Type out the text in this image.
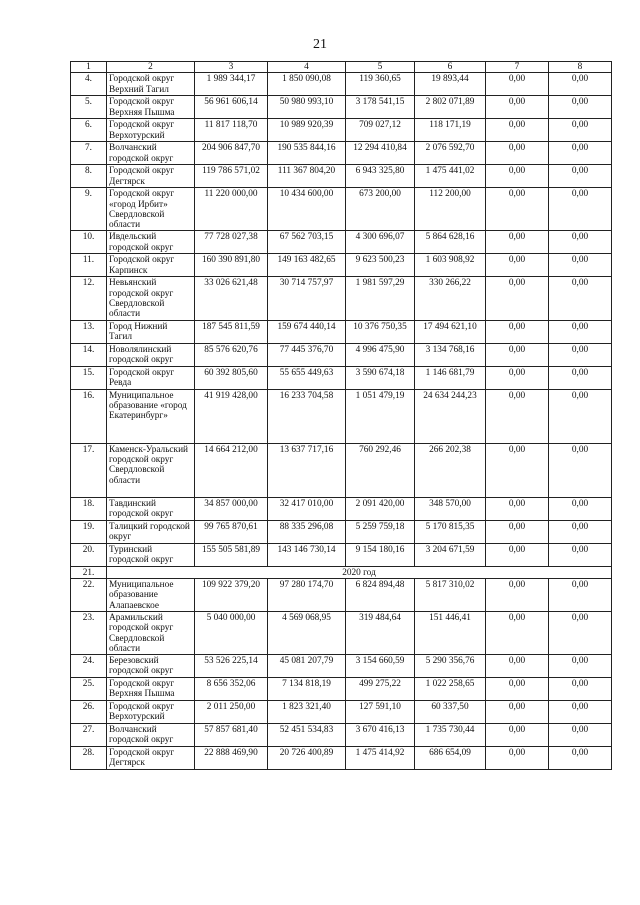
21
1	2	3	4	5	6	7	8
4.	Городской округ Верхний Тагил	1 989 344,17	1 850 090,08	119 360,65	19 893,44	0,00	0,00
5.	Городской округ Верхняя Пышма	56 961 606,14	50 980 993,10	3 178 541,15	2 802 071,89	0,00	0,00
6.	Городской округ Верхотурский	11 817 118,70	10 989 920,39	709 027,12	118 171,19	0,00	0,00
7.	Волчанский городской округ	204 906 847,70	190 535 844,16	12 294 410,84	2 076 592,70	0,00	0,00
8.	Городской округ Дегтярск	119 786 571,02	111 367 804,20	6 943 325,80	1 475 441,02	0,00	0,00
9.	Городской округ «город Ирбит» Свердловской области	11 220 000,00	10 434 600,00	673 200,00	112 200,00	0,00	0,00
10.	Ивдельский городской округ	77 728 027,38	67 562 703,15	4 300 696,07	5 864 628,16	0,00	0,00
11.	Городской округ Карпинск	160 390 891,80	149 163 482,65	9 623 500,23	1 603 908,92	0,00	0,00
12.	Невьянский городской округ Свердловской области	33 026 621,48	30 714 757,97	1 981 597,29	330 266,22	0,00	0,00
13.	Город Нижний Тагил	187 545 811,59	159 674 440,14	10 376 750,35	17 494 621,10	0,00	0,00
14.	Новолялинский городской округ	85 576 620,76	77 445 376,70	4 996 475,90	3 134 768,16	0,00	0,00
15.	Городской округ Ревда	60 392 805,60	55 655 449,63	3 590 674,18	1 146 681,79	0,00	0,00
16.	Муниципальное образование «город Екатеринбург»	41 919 428,00	16 233 704,58	1 051 479,19	24 634 244,23	0,00	0,00
17.	Каменск-Уральский городской округ Свердловской области	14 664 212,00	13 637 717,16	760 292,46	266 202,38	0,00	0,00
18.	Тавдинский городской округ	34 857 000,00	32 417 010,00	2 091 420,00	348 570,00	0,00	0,00
19.	Талицкий городской округ	99 765 870,61	88 335 296,08	5 259 759,18	5 170 815,35	0,00	0,00
20.	Туринский городской округ	155 505 581,89	143 146 730,14	9 154 180,16	3 204 671,59	0,00	0,00
21.	2020 год						
22.	Муниципальное образование Алапаевское	109 922 379,20	97 280 174,70	6 824 894,48	5 817 310,02	0,00	0,00
23.	Арамильский городской округ Свердловской области	5 040 000,00	4 569 068,95	319 484,64	151 446,41	0,00	0,00
24.	Березовский городской округ	53 526 225,14	45 081 207,79	3 154 660,59	5 290 356,76	0,00	0,00
25.	Городской округ Верхняя Пышма	8 656 352,06	7 134 818,19	499 275,22	1 022 258,65	0,00	0,00
26.	Городской округ Верхотурский	2 011 250,00	1 823 321,40	127 591,10	60 337,50	0,00	0,00
27.	Волчанский городской округ	57 857 681,40	52 451 534,83	3 670 416,13	1 735 730,44	0,00	0,00
28.	Городской округ Дегтярск	22 888 469,90	20 726 400,89	1 475 414,92	686 654,09	0,00	0,00
